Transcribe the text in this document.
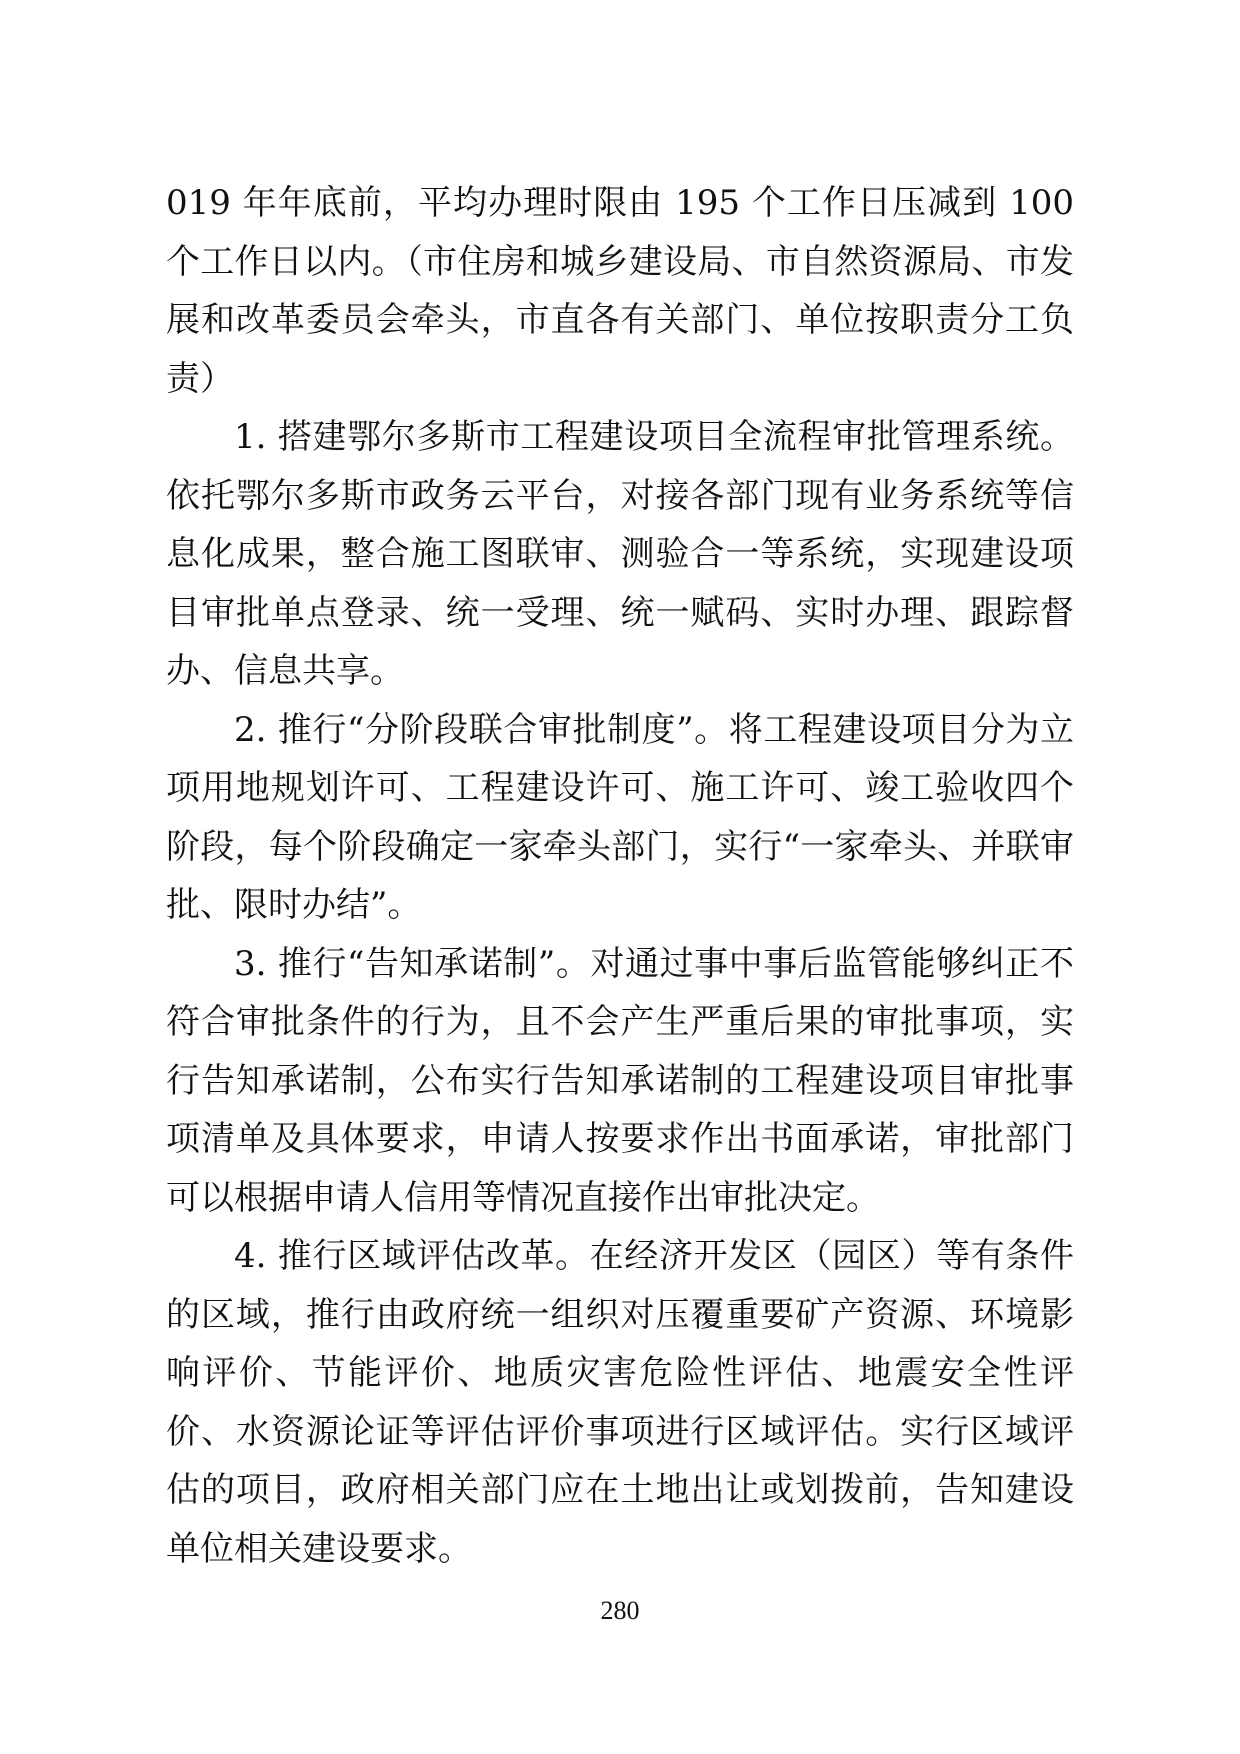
019 年年底前，平均办理时限由 195 个工作日压减到 100 个工作日以内。（市住房和城乡建设局、市自然资源局、市发展和改革委员会牵头，市直各有关部门、单位按职责分工负责）

1. 搭建鄂尔多斯市工程建设项目全流程审批管理系统。依托鄂尔多斯市政务云平台，对接各部门现有业务系统等信息化成果，整合施工图联审、测验合一等系统，实现建设项目审批单点登录、统一受理、统一赋码、实时办理、跟踪督办、信息共享。

2. 推行“分阶段联合审批制度”。将工程建设项目分为立项用地规划许可、工程建设许可、施工许可、竣工验收四个阶段，每个阶段确定一家牵头部门，实行“一家牵头、并联审批、限时办结”。

3. 推行“告知承诺制”。对通过事中事后监管能够纠正不符合审批条件的行为，且不会产生严重后果的审批事项，实行告知承诺制，公布实行告知承诺制的工程建设项目审批事项清单及具体要求，申请人按要求作出书面承诺，审批部门可以根据申请人信用等情况直接作出审批决定。

4. 推行区域评估改革。在经济开发区（园区）等有条件的区域，推行由政府统一组织对压覆重要矿产资源、环境影响评价、节能评价、地质灾害危险性评估、地震安全性评价、水资源论证等评估评价事项进行区域评估。实行区域评估的项目，政府相关部门应在土地出让或划拨前，告知建设单位相关建设要求。

280
